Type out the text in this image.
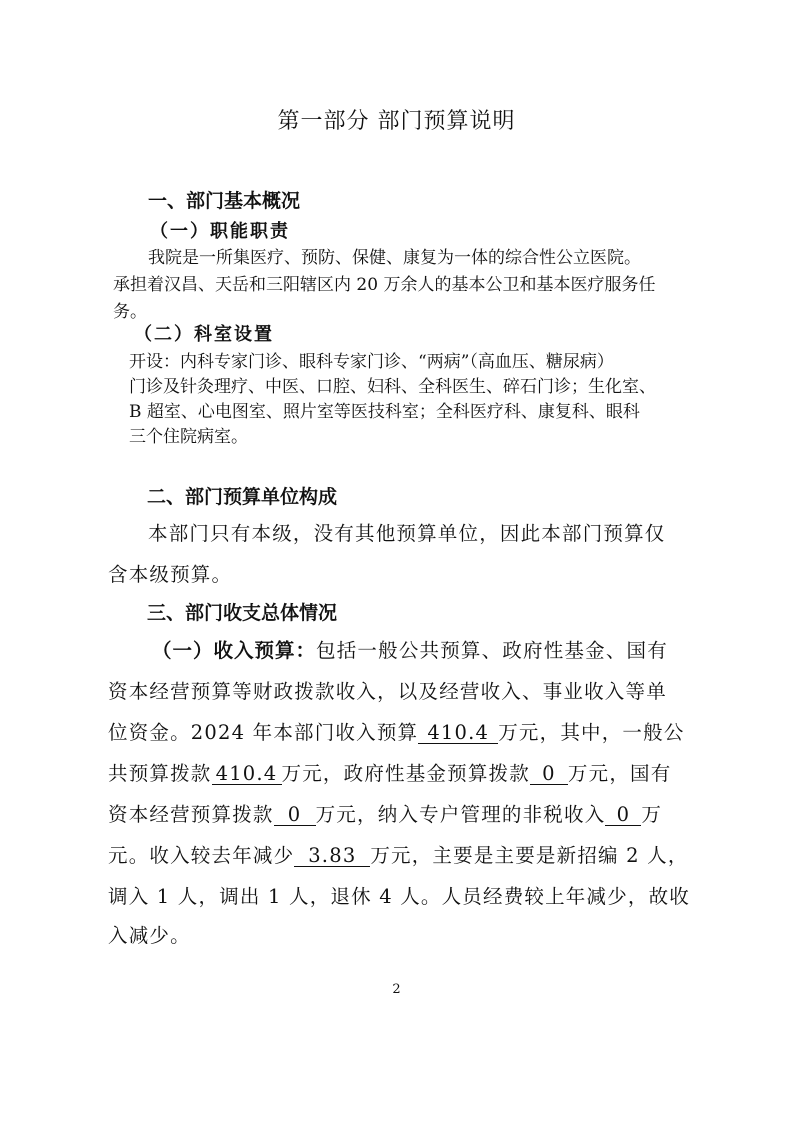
第一部分 部门预算说明
一、部门基本概况
（一）职能职责
我院是一所集医疗、预防、保健、康复为一体的综合性公立医院。
承担着汉昌、天岳和三阳辖区内 20 万余人的基本公卫和基本医疗服务任
务。
（二）科室设置
开设：内科专家门诊、眼科专家门诊、“两病”（高血压、糖尿病）
门诊及针灸理疗、中医、口腔、妇科、全科医生、碎石门诊；生化室、
B 超室、心电图室、照片室等医技科室；全科医疗科、康复科、眼科
三个住院病室。
二、部门预算单位构成
本部门只有本级，没有其他预算单位，因此本部门预算仅
含本级预算。
三、部门收支总体情况
（一）收入预算：包括一般公共预算、政府性基金、国有
资本经营预算等财政拨款收入，以及经营收入、事业收入等单
位资金。2024 年本部门收入预算 410.4 万元，其中，一般公
共预算拨款 410.4 万元，政府性基金预算拨款 0 万元，国有
资本经营预算拨款 0 万元，纳入专户管理的非税收入 0 万
元。收入较去年减少 3.83 万元，主要是主要是新招编 2 人，
调入 1 人，调出 1 人，退休 4 人。人员经费较上年减少，故收
入减少。
2
